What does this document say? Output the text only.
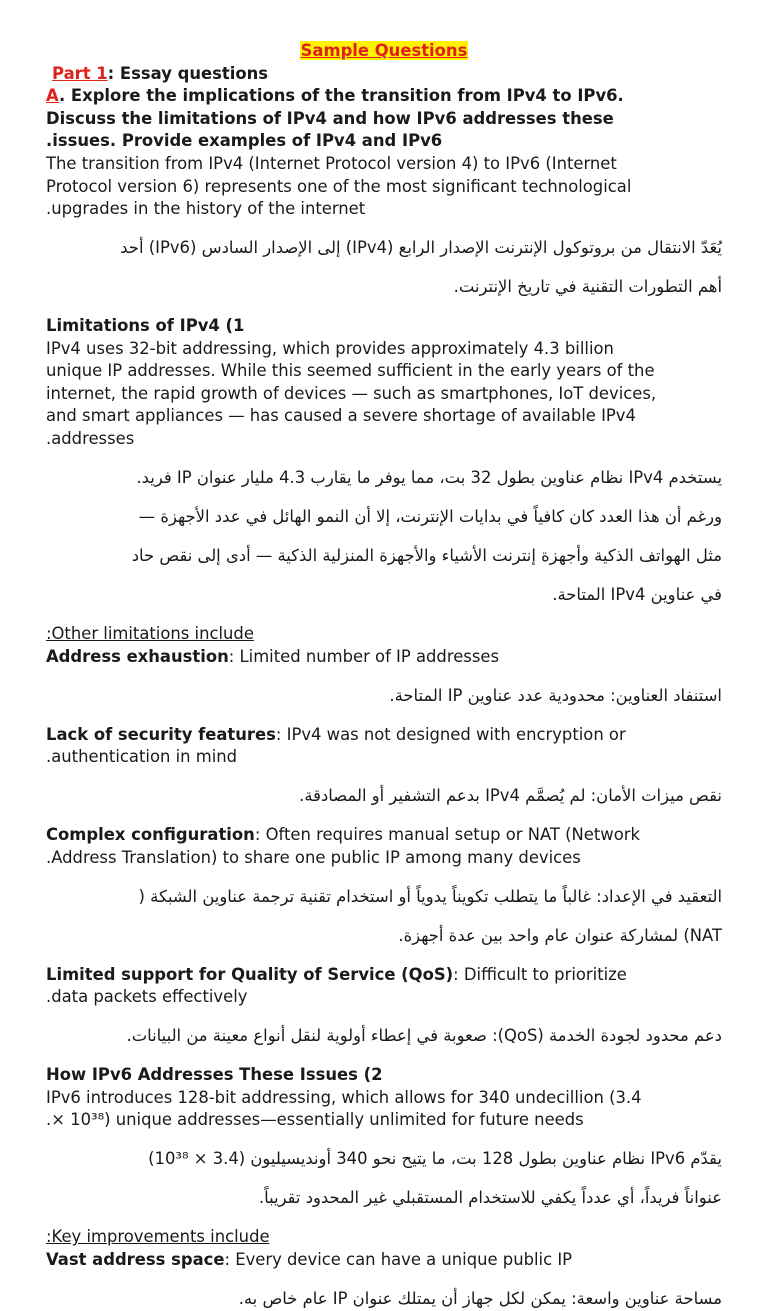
Sample Questions

Part 1: Essay questions

A. Explore the implications of the transition from IPv4 to IPv6.

Discuss the limitations of IPv4 and how IPv6 addresses these

.issues. Provide examples of IPv4 and IPv6

The transition from IPv4 (Internet Protocol version 4) to IPv6 (Internet

Protocol version 6) represents one of the most significant technological

.upgrades in the history of the internet

يُعَدّ الانتقال من بروتوكول الإنترنت الإصدار الرابع (IPv4) إلى الإصدار السادس (IPv6) أحد

أهم التطورات التقنية في تاريخ الإنترنت.

Limitations of IPv4 (1

IPv4 uses 32-bit addressing, which provides approximately 4.3 billion

unique IP addresses. While this seemed sufficient in the early years of the

internet, the rapid growth of devices — such as smartphones, IoT devices,

and smart appliances — has caused a severe shortage of available IPv4

.addresses

يستخدم IPv4 نظام عناوين بطول 32 بت، مما يوفر ما يقارب 4.3 مليار عنوان IP فريد.

ورغم أن هذا العدد كان كافياً في بدايات الإنترنت، إلا أن النمو الهائل في عدد الأجهزة —

مثل الهواتف الذكية وأجهزة إنترنت الأشياء والأجهزة المنزلية الذكية — أدى إلى نقص حاد

في عناوين IPv4 المتاحة.

:Other limitations include

Address exhaustion: Limited number of IP addresses

استنفاد العناوين: محدودية عدد عناوين IP المتاحة.

Lack of security features: IPv4 was not designed with encryption or

.authentication in mind

نقص ميزات الأمان: لم يُصمَّم IPv4 بدعم التشفير أو المصادقة.

Complex configuration: Often requires manual setup or NAT (Network

.Address Translation) to share one public IP among many devices

التعقيد في الإعداد: غالباً ما يتطلب تكويناً يدوياً أو استخدام تقنية ترجمة عناوين الشبكة (

NAT) لمشاركة عنوان عام واحد بين عدة أجهزة.

Limited support for Quality of Service (QoS): Difficult to prioritize

.data packets effectively

دعم محدود لجودة الخدمة (QoS): صعوبة في إعطاء أولوية لنقل أنواع معينة من البيانات.

How IPv6 Addresses These Issues (2

IPv6 introduces 128-bit addressing, which allows for 340 undecillion (3.4

.× 10³⁸) unique addresses—essentially unlimited for future needs

يقدّم IPv6 نظام عناوين بطول 128 بت، ما يتيح نحو 340 أونديسيليون (3.4 × 10³⁸)

عنواناً فريداً، أي عدداً يكفي للاستخدام المستقبلي غير المحدود تقريباً.

:Key improvements include

Vast address space: Every device can have a unique public IP

مساحة عناوين واسعة: يمكن لكل جهاز أن يمتلك عنوان IP عام خاص به.
